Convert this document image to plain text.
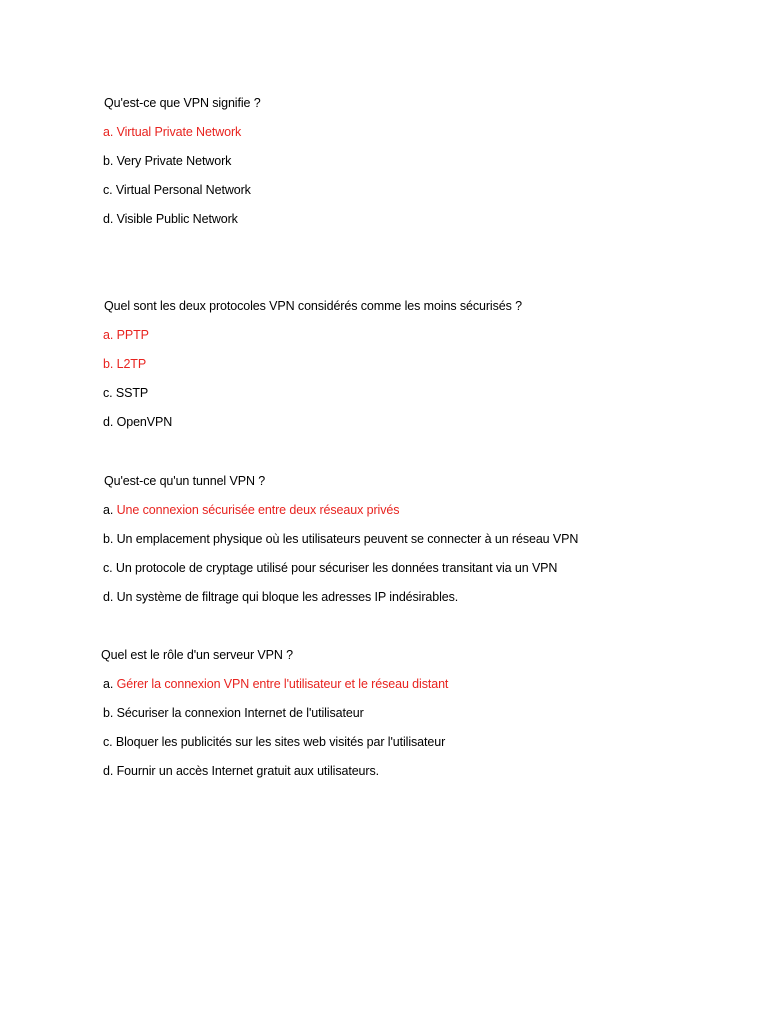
Qu'est-ce que VPN signifie ?
a. Virtual Private Network
b. Very Private Network
c. Virtual Personal Network
d. Visible Public Network
Quel sont les deux protocoles VPN considérés comme les moins sécurisés ?
a. PPTP
b. L2TP
c. SSTP
d. OpenVPN
Qu'est-ce qu'un tunnel VPN ?
a. Une connexion sécurisée entre deux réseaux privés
b. Un emplacement physique où les utilisateurs peuvent se connecter à un réseau VPN
c. Un protocole de cryptage utilisé pour sécuriser les données transitant via un VPN
d. Un système de filtrage qui bloque les adresses IP indésirables.
Quel est le rôle d'un serveur VPN ?
a. Gérer la connexion VPN entre l'utilisateur et le réseau distant
b. Sécuriser la connexion Internet de l'utilisateur
c. Bloquer les publicités sur les sites web visités par l'utilisateur
d. Fournir un accès Internet gratuit aux utilisateurs.
